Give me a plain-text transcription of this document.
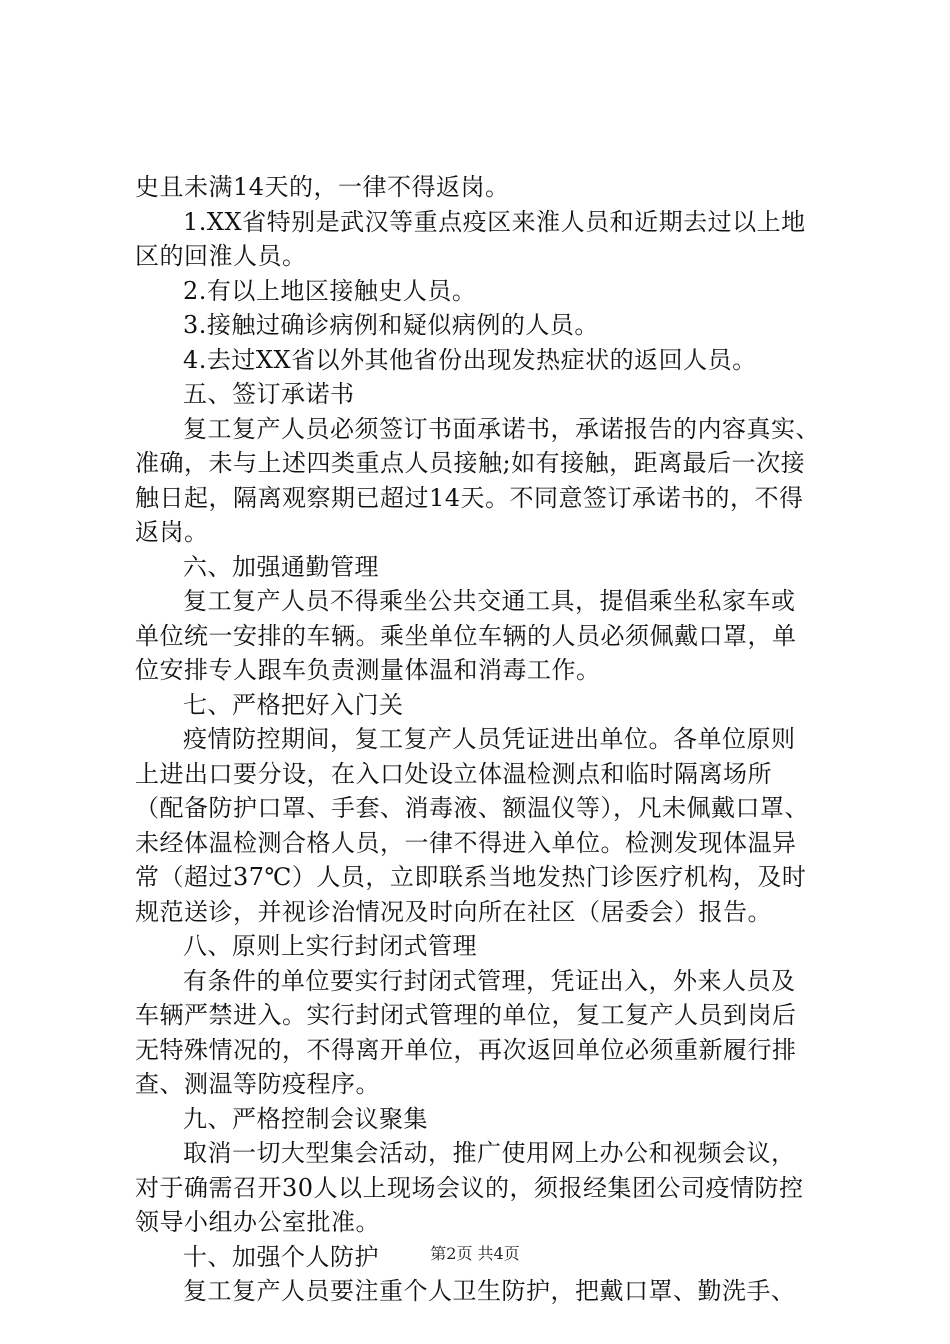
史且未满14天的，一律不得返岗。
1.XX省特别是武汉等重点疫区来淮人员和近期去过以上地
区的回淮人员。
2.有以上地区接触史人员。
3.接触过确诊病例和疑似病例的人员。
4.去过XX省以外其他省份出现发热症状的返回人员。
五、签订承诺书
复工复产人员必须签订书面承诺书，承诺报告的内容真实、
准确，未与上述四类重点人员接触;如有接触，距离最后一次接
触日起，隔离观察期已超过14天。不同意签订承诺书的，不得
返岗。
六、加强通勤管理
复工复产人员不得乘坐公共交通工具，提倡乘坐私家车或
单位统一安排的车辆。乘坐单位车辆的人员必须佩戴口罩，单
位安排专人跟车负责测量体温和消毒工作。
七、严格把好入门关
疫情防控期间，复工复产人员凭证进出单位。各单位原则
上进出口要分设，在入口处设立体温检测点和临时隔离场所
（配备防护口罩、手套、消毒液、额温仪等），凡未佩戴口罩、
未经体温检测合格人员，一律不得进入单位。检测发现体温异
常（超过37℃）人员，立即联系当地发热门诊医疗机构，及时
规范送诊，并视诊治情况及时向所在社区（居委会）报告。
八、原则上实行封闭式管理
有条件的单位要实行封闭式管理，凭证出入，外来人员及
车辆严禁进入。实行封闭式管理的单位，复工复产人员到岗后
无特殊情况的，不得离开单位，再次返回单位必须重新履行排
查、测温等防疫程序。
九、严格控制会议聚集
取消一切大型集会活动，推广使用网上办公和视频会议，
对于确需召开30人以上现场会议的，须报经集团公司疫情防控
领导小组办公室批准。
十、加强个人防护
复工复产人员要注重个人卫生防护，把戴口罩、勤洗手、
第2页 共4页
